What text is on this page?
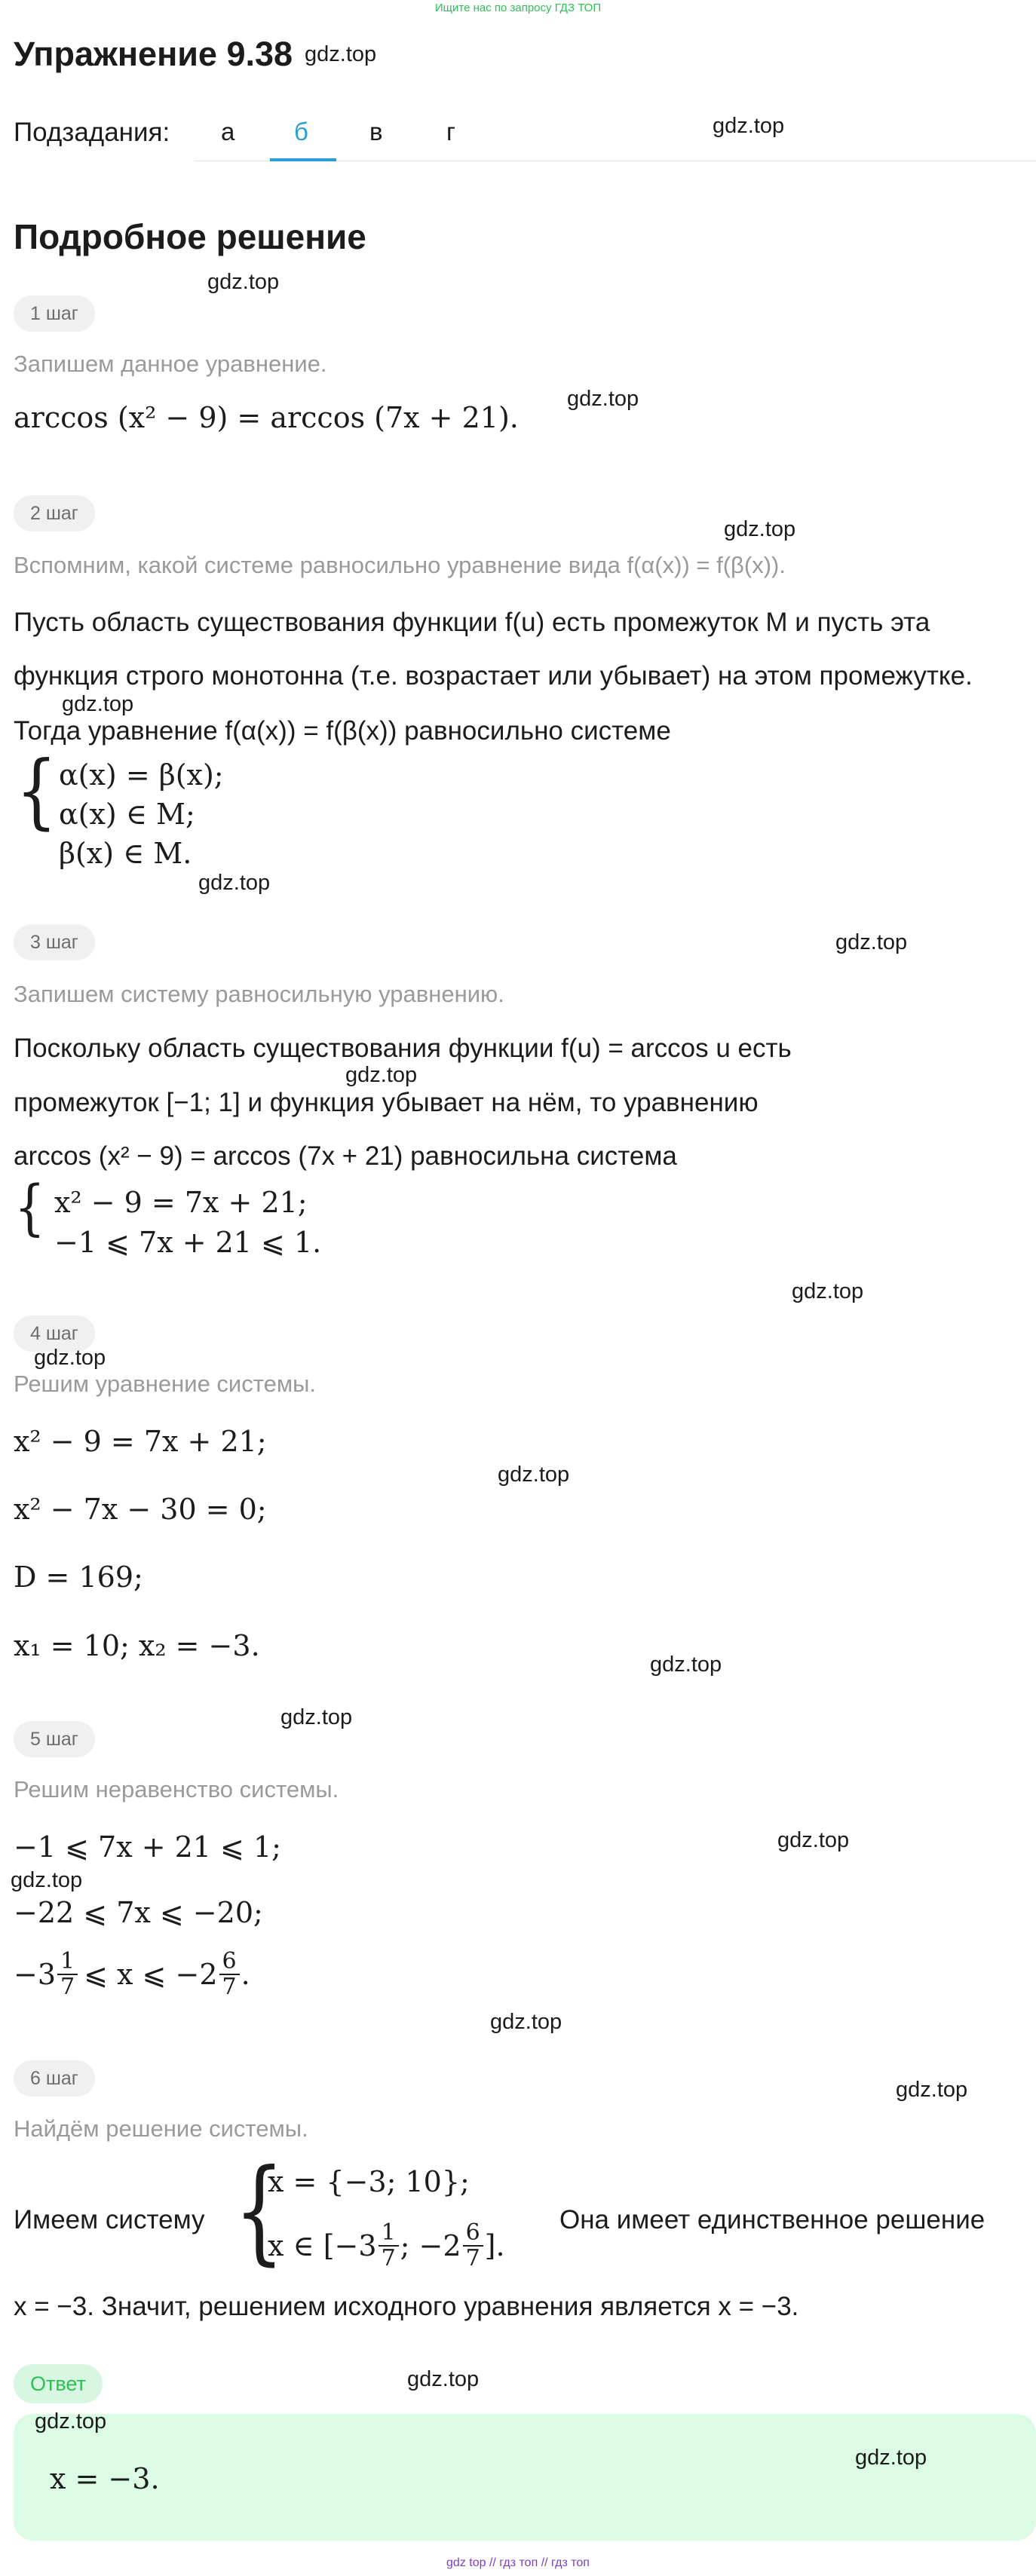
Ищите нас по запросу ГДЗ ТОП
Упражнение 9.38 gdz.top
Подзадания: а б в	г	gdz.top
Подробное решение
gdz.top
1 шаг
Запишем данное уравнение.
arccos (x² − 9) = arccos (7x + 21).
gdz.top
2 шаг
gdz.top
Вспомним, какой системе равносильно уравнение вида f(α(x)) = f(β(x)).
Пусть область существования функции f(u) есть промежуток M и пусть эта
функция строго монотонна (т.е. возрастает или убывает) на этом промежутке.
gdz.top
Тогда уравнение f(α(x)) = f(β(x)) равносильно системе
{ α(x) = β(x);
α(x) ∈ M;
β(x) ∈ M.
gdz.top
3 шаг	gdz.top
Запишем систему равносильную уравнению.
Поскольку область существования функции f(u) = arccos u есть
gdz.top
промежуток [−1; 1] и функция убывает на нём, то уравнению
arccos (x² − 9) = arccos (7x + 21) равносильна система
{ x² − 9 = 7x + 21;
−1 ⩽ 7x + 21 ⩽ 1.
gdz.top
4 шаг
gdz.top
Решим уравнение системы.
x² − 9 = 7x + 21;
gdz.top
x² − 7x − 30 = 0;
D = 169;
x₁ = 10; x₂ = −3.
gdz.top
gdz.top
5 шаг
Решим неравенство системы.
−1 ⩽ 7x + 21 ⩽ 1;	gdz.top
gdz.top
−22 ⩽ 7x ⩽ −20;
$-3 \frac{1}{7}$ ⩽ x ⩽ $-2 \frac{6}{7}$ .
gdz.top
6 шаг	gdz.top
Найдём решение системы.
Имеем систему {
x = {−3; 10};
x ∈ [$-3 \frac{1}{7}$ ; $-2 \frac{6}{7}$ ].
Она имеет единственное решение
x = −3. Значит, решением исходного уравнения является x = −3.
Ответ	gdz.top
gdz.top
x = −3.
gdz.top
gdz top // гдз топ // гдз топ
